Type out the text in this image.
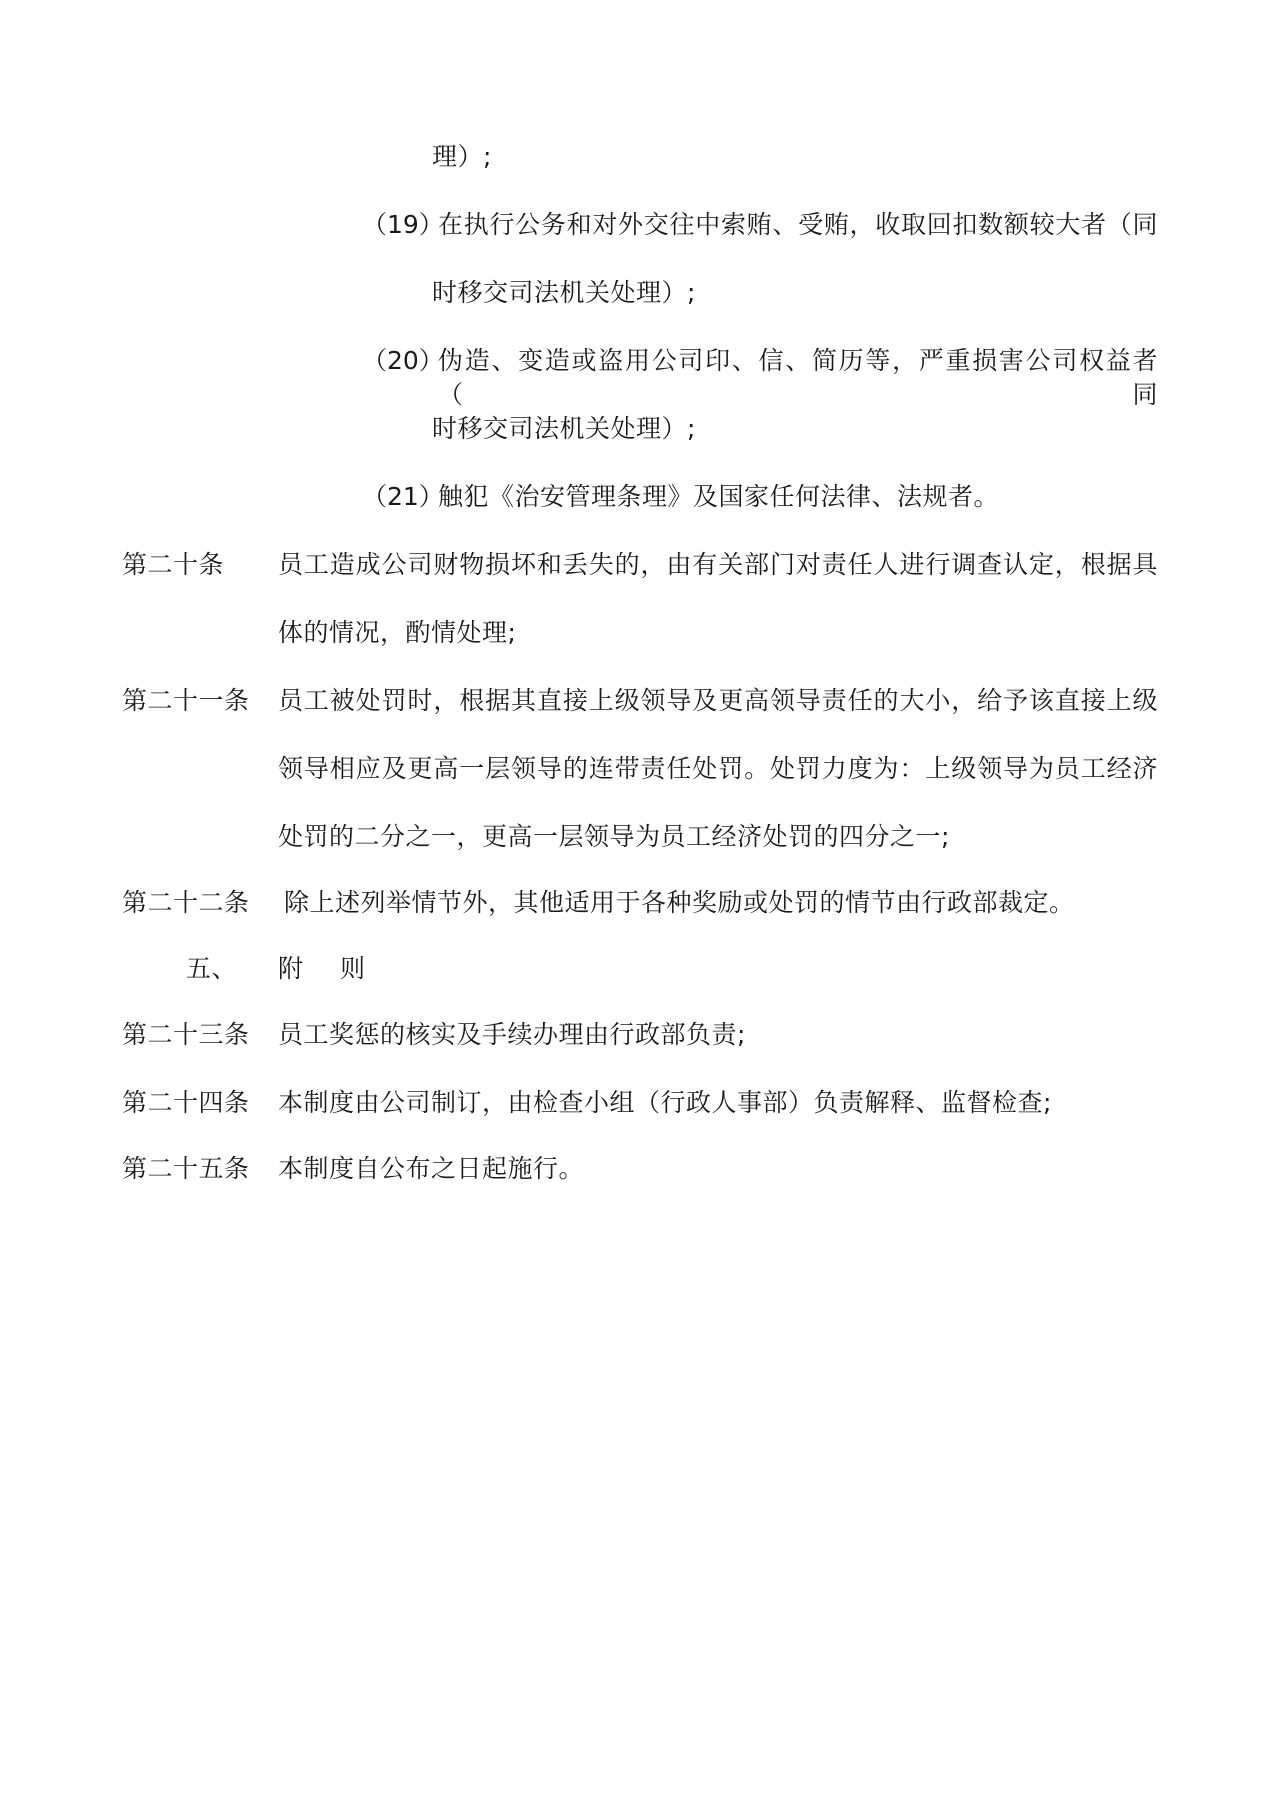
理）;
（19）
在执行公务和对外交往中索贿、受贿，收取回扣数额较大者（同
时移交司法机关处理）;
（20）
伪造、变造或盗用公司印、信、简历等，严重损害公司权益者（同
时移交司法机关处理）;
（21）
触犯《治安管理条理》及国家任何法律、法规者。
第二十条 员工造成公司财物损坏和丢失的，由有关部门对责任人进行调查认定，根据具
体的情况，酌情处理;
第二十一条 员工被处罚时，根据其直接上级领导及更高领导责任的大小，给予该直接上级
领导相应及更高一层领导的连带责任处罚。处罚力度为：上级领导为员工经济
处罚的二分之一，更高一层领导为员工经济处罚的四分之一;
第二十二条 除上述列举情节外，其他适用于各种奖励或处罚的情节由行政部裁定。
五、 附　则
第二十三条 员工奖惩的核实及手续办理由行政部负责;
第二十四条 本制度由公司制订，由检查小组（行政人事部）负责解释、监督检查;
第二十五条 本制度自公布之日起施行。
